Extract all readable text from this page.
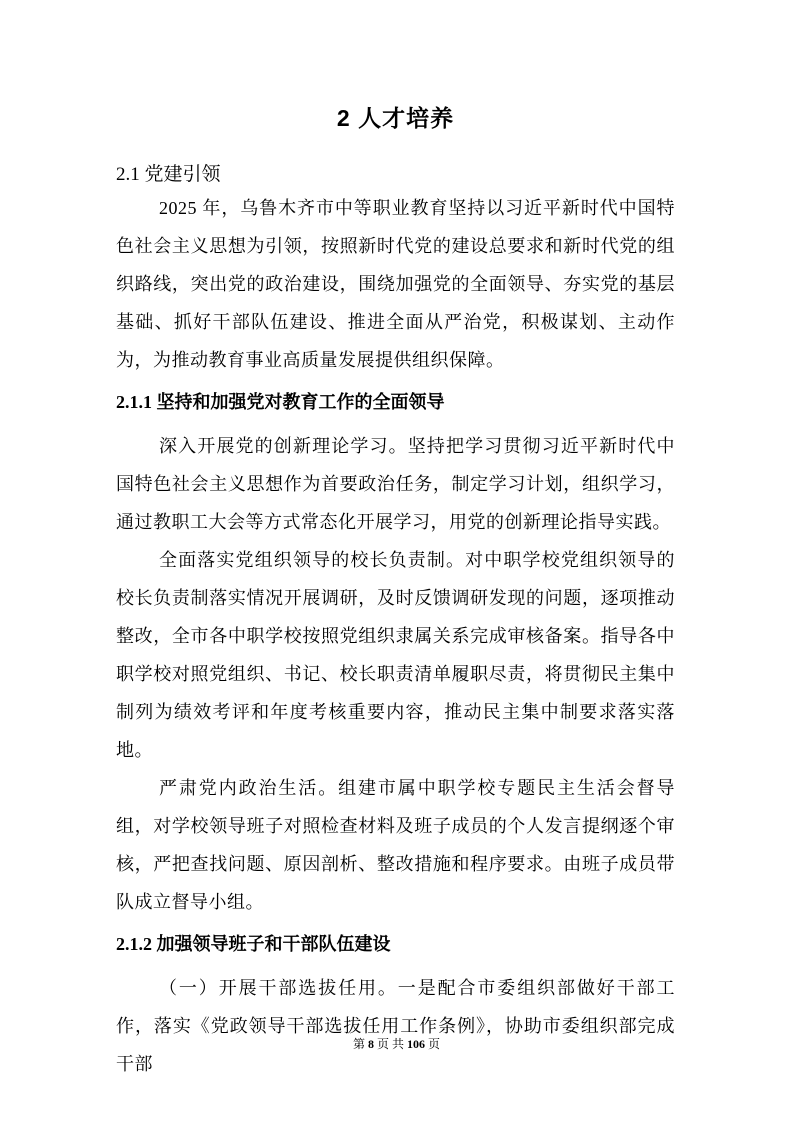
2 人才培养
2.1 党建引领

2025 年，乌鲁木齐市中等职业教育坚持以习近平新时代中国特色社会主义思想为引领，按照新时代党的建设总要求和新时代党的组织路线，突出党的政治建设，围绕加强党的全面领导、夯实党的基层基础、抓好干部队伍建设、推进全面从严治党，积极谋划、主动作为，为推动教育事业高质量发展提供组织保障。

2.1.1 坚持和加强党对教育工作的全面领导

深入开展党的创新理论学习。坚持把学习贯彻习近平新时代中国特色社会主义思想作为首要政治任务，制定学习计划，组织学习，通过教职工大会等方式常态化开展学习，用党的创新理论指导实践。

全面落实党组织领导的校长负责制。对中职学校党组织领导的校长负责制落实情况开展调研，及时反馈调研发现的问题，逐项推动整改，全市各中职学校按照党组织隶属关系完成审核备案。指导各中职学校对照党组织、书记、校长职责清单履职尽责，将贯彻民主集中制列为绩效考评和年度考核重要内容，推动民主集中制要求落实落地。

严肃党内政治生活。组建市属中职学校专题民主生活会督导组，对学校领导班子对照检查材料及班子成员的个人发言提纲逐个审核，严把查找问题、原因剖析、整改措施和程序要求。由班子成员带队成立督导小组。

2.1.2 加强领导班子和干部队伍建设

（一）开展干部选拔任用。一是配合市委组织部做好干部工作，落实《党政领导干部选拔任用工作条例》，协助市委组织部完成干部

第 8 页 共 106 页
